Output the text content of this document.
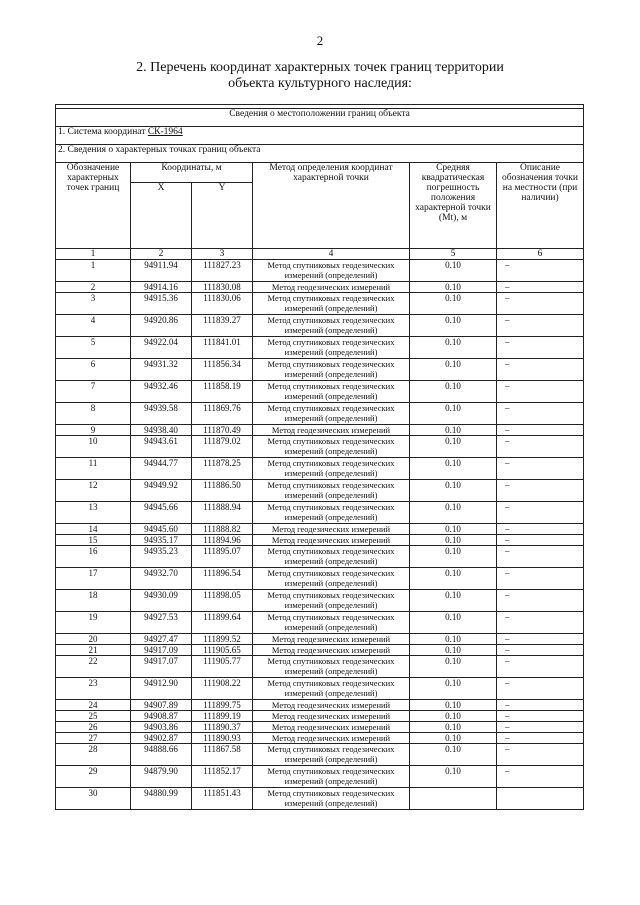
2
2. Перечень координат характерных точек границ территории
объекта культурного наследия:

Сведения о местоположении границ объекта					
1. Система координат СК-1964					
2. Сведения о характерных точках границ объекта					
Обозначение характерных точек границ	Координаты, м		Метод определения координат характерной точки	Средняя квадратическая погрешность положения характерной точки (Mt), м	Описание обозначения точки на местности (при наличии)
	X	Y			
1	2	3	4	5	6
1	94911.94	111827.23	Метод спутниковых геодезических
измерений (определений)	0.10	–
2	94914.16	111830.08	Метод геодезических измерений	0.10	–
3	94915.36	111830.06	Метод спутниковых геодезических
измерений (определений)	0.10	–
4	94920.86	111839.27	Метод спутниковых геодезических
измерений (определений)	0.10	–
5	94922.04	111841.01	Метод спутниковых геодезических
измерений (определений)	0.10	–
6	94931.32	111856.34	Метод спутниковых геодезических
измерений (определений)	0.10	–
7	94932.46	111858.19	Метод спутниковых геодезических
измерений (определений)	0.10	–
8	94939.58	111869.76	Метод спутниковых геодезических
измерений (определений)	0.10	–
9	94938.40	111870.49	Метод геодезических измерений	0.10	–
10	94943.61	111879.02	Метод спутниковых геодезических
измерений (определений)	0.10	–
11	94944.77	111878.25	Метод спутниковых геодезических
измерений (определений)	0.10	–
12	94949.92	111886.50	Метод спутниковых геодезических
измерений (определений)	0.10	–
13	94945.66	111888.94	Метод спутниковых геодезических
измерений (определений)	0.10	–
14	94945.60	111888.82	Метод геодезических измерений	0.10	–
15	94935.17	111894.96	Метод геодезических измерений	0.10	–
16	94935.23	111895.07	Метод спутниковых геодезических
измерений (определений)	0.10	–
17	94932.70	111896.54	Метод спутниковых геодезических
измерений (определений)	0.10	–
18	94930.09	111898.05	Метод спутниковых геодезических
измерений (определений)	0.10	–
19	94927.53	111899.64	Метод спутниковых геодезических
измерений (определений)	0.10	–
20	94927.47	111899.52	Метод геодезических измерений	0.10	–
21	94917.09	111905.65	Метод геодезических измерений	0.10	–
22	94917.07	111905.77	Метод спутниковых геодезических
измерений (определений)	0.10	–
23	94912.90	111908.22	Метод спутниковых геодезических
измерений (определений)	0.10	–
24	94907.89	111899.75	Метод геодезических измерений	0.10	–
25	94908.87	111899.19	Метод геодезических измерений	0.10	–
26	94903.86	111890.37	Метод геодезических измерений	0.10	–
27	94902.87	111890.93	Метод геодезических измерений	0.10	–
28	94888.66	111867.58	Метод спутниковых геодезических
измерений (определений)	0.10	–
29	94879.90	111852.17	Метод спутниковых геодезических
измерений (определений)	0.10	–
30	94880.99	111851.43	Метод спутниковых геодезических
измерений (определений)		
